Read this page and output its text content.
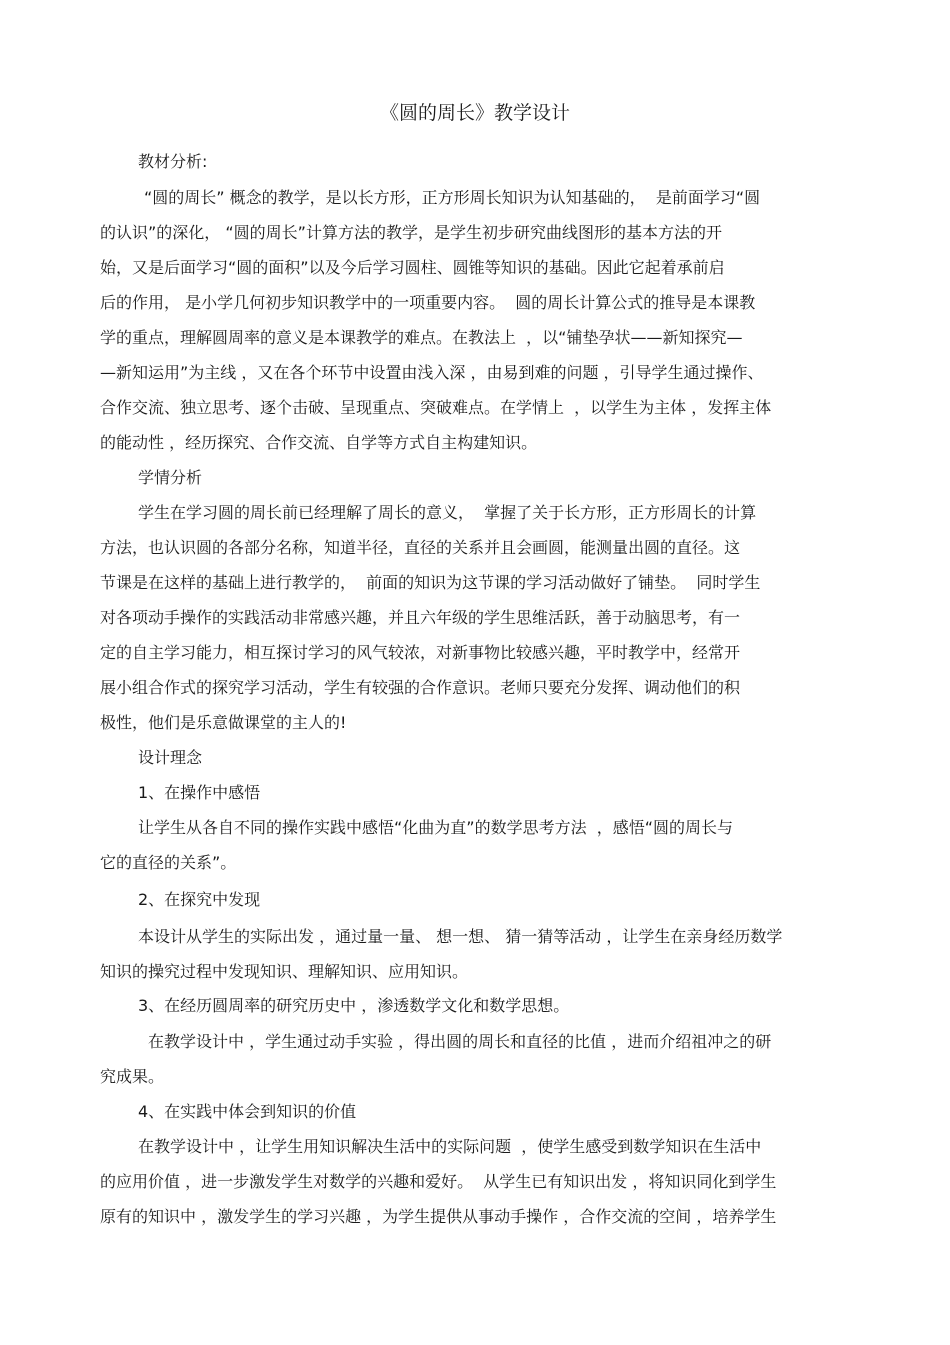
《圆的周长》教学设计
教材分析:
“圆的周长” 概念的教学，是以长方形，正方形周长知识为认知基础的，  是前面学习“圆
的认识”的深化， “圆的周长”计算方法的教学，是学生初步研究曲线图形的基本方法的开
始，又是后面学习“圆的面积”以及今后学习圆柱、圆锥等知识的基础。因此它起着承前启
后的作用， 是小学几何初步知识教学中的一项重要内容。  圆的周长计算公式的推导是本课教
学的重点，理解圆周率的意义是本课教学的难点。在教法上  ，以“铺垫孕状——新知探究—
—新知运用”为主线 ，又在各个环节中设置由浅入深 ，由易到难的问题 ，引导学生通过操作、
合作交流、独立思考、逐个击破、呈现重点、突破难点。在学情上  ，以学生为主体 ，发挥主体
的能动性 ，经历探究、合作交流、自学等方式自主构建知识。
学情分析
学生在学习圆的周长前已经理解了周长的意义，  掌握了关于长方形，正方形周长的计算
方法，也认识圆的各部分名称，知道半径，直径的关系并且会画圆，能测量出圆的直径。这
节课是在这样的基础上进行教学的，  前面的知识为这节课的学习活动做好了铺垫。  同时学生
对各项动手操作的实践活动非常感兴趣，并且六年级的学生思维活跃，善于动脑思考，有一
定的自主学习能力，相互探讨学习的风气较浓，对新事物比较感兴趣，平时教学中，经常开
展小组合作式的探究学习活动，学生有较强的合作意识。老师只要充分发挥、调动他们的积
极性，他们是乐意做课堂的主人的!
设计理念
1、在操作中感悟
让学生从各自不同的操作实践中感悟“化曲为直”的数学思考方法  ，感悟“圆的周长与
它的直径的关系”。
2、在探究中发现
本设计从学生的实际出发 ，通过量一量、 想一想、 猜一猜等活动 ，让学生在亲身经历数学
知识的操究过程中发现知识、理解知识、应用知识。
3、在经历圆周率的研究历史中 ，渗透数学文化和数学思想。
在教学设计中 ，学生通过动手实验 ，得出圆的周长和直径的比值 ，进而介绍祖冲之的研
究成果。
4、在实践中体会到知识的价值
在教学设计中 ，让学生用知识解决生活中的实际问题  ，使学生感受到数学知识在生活中
的应用价值 ，进一步激发学生对数学的兴趣和爱好。  从学生已有知识出发 ，将知识同化到学生
原有的知识中 ，激发学生的学习兴趣 ，为学生提供从事动手操作 ，合作交流的空间 ，培养学生
